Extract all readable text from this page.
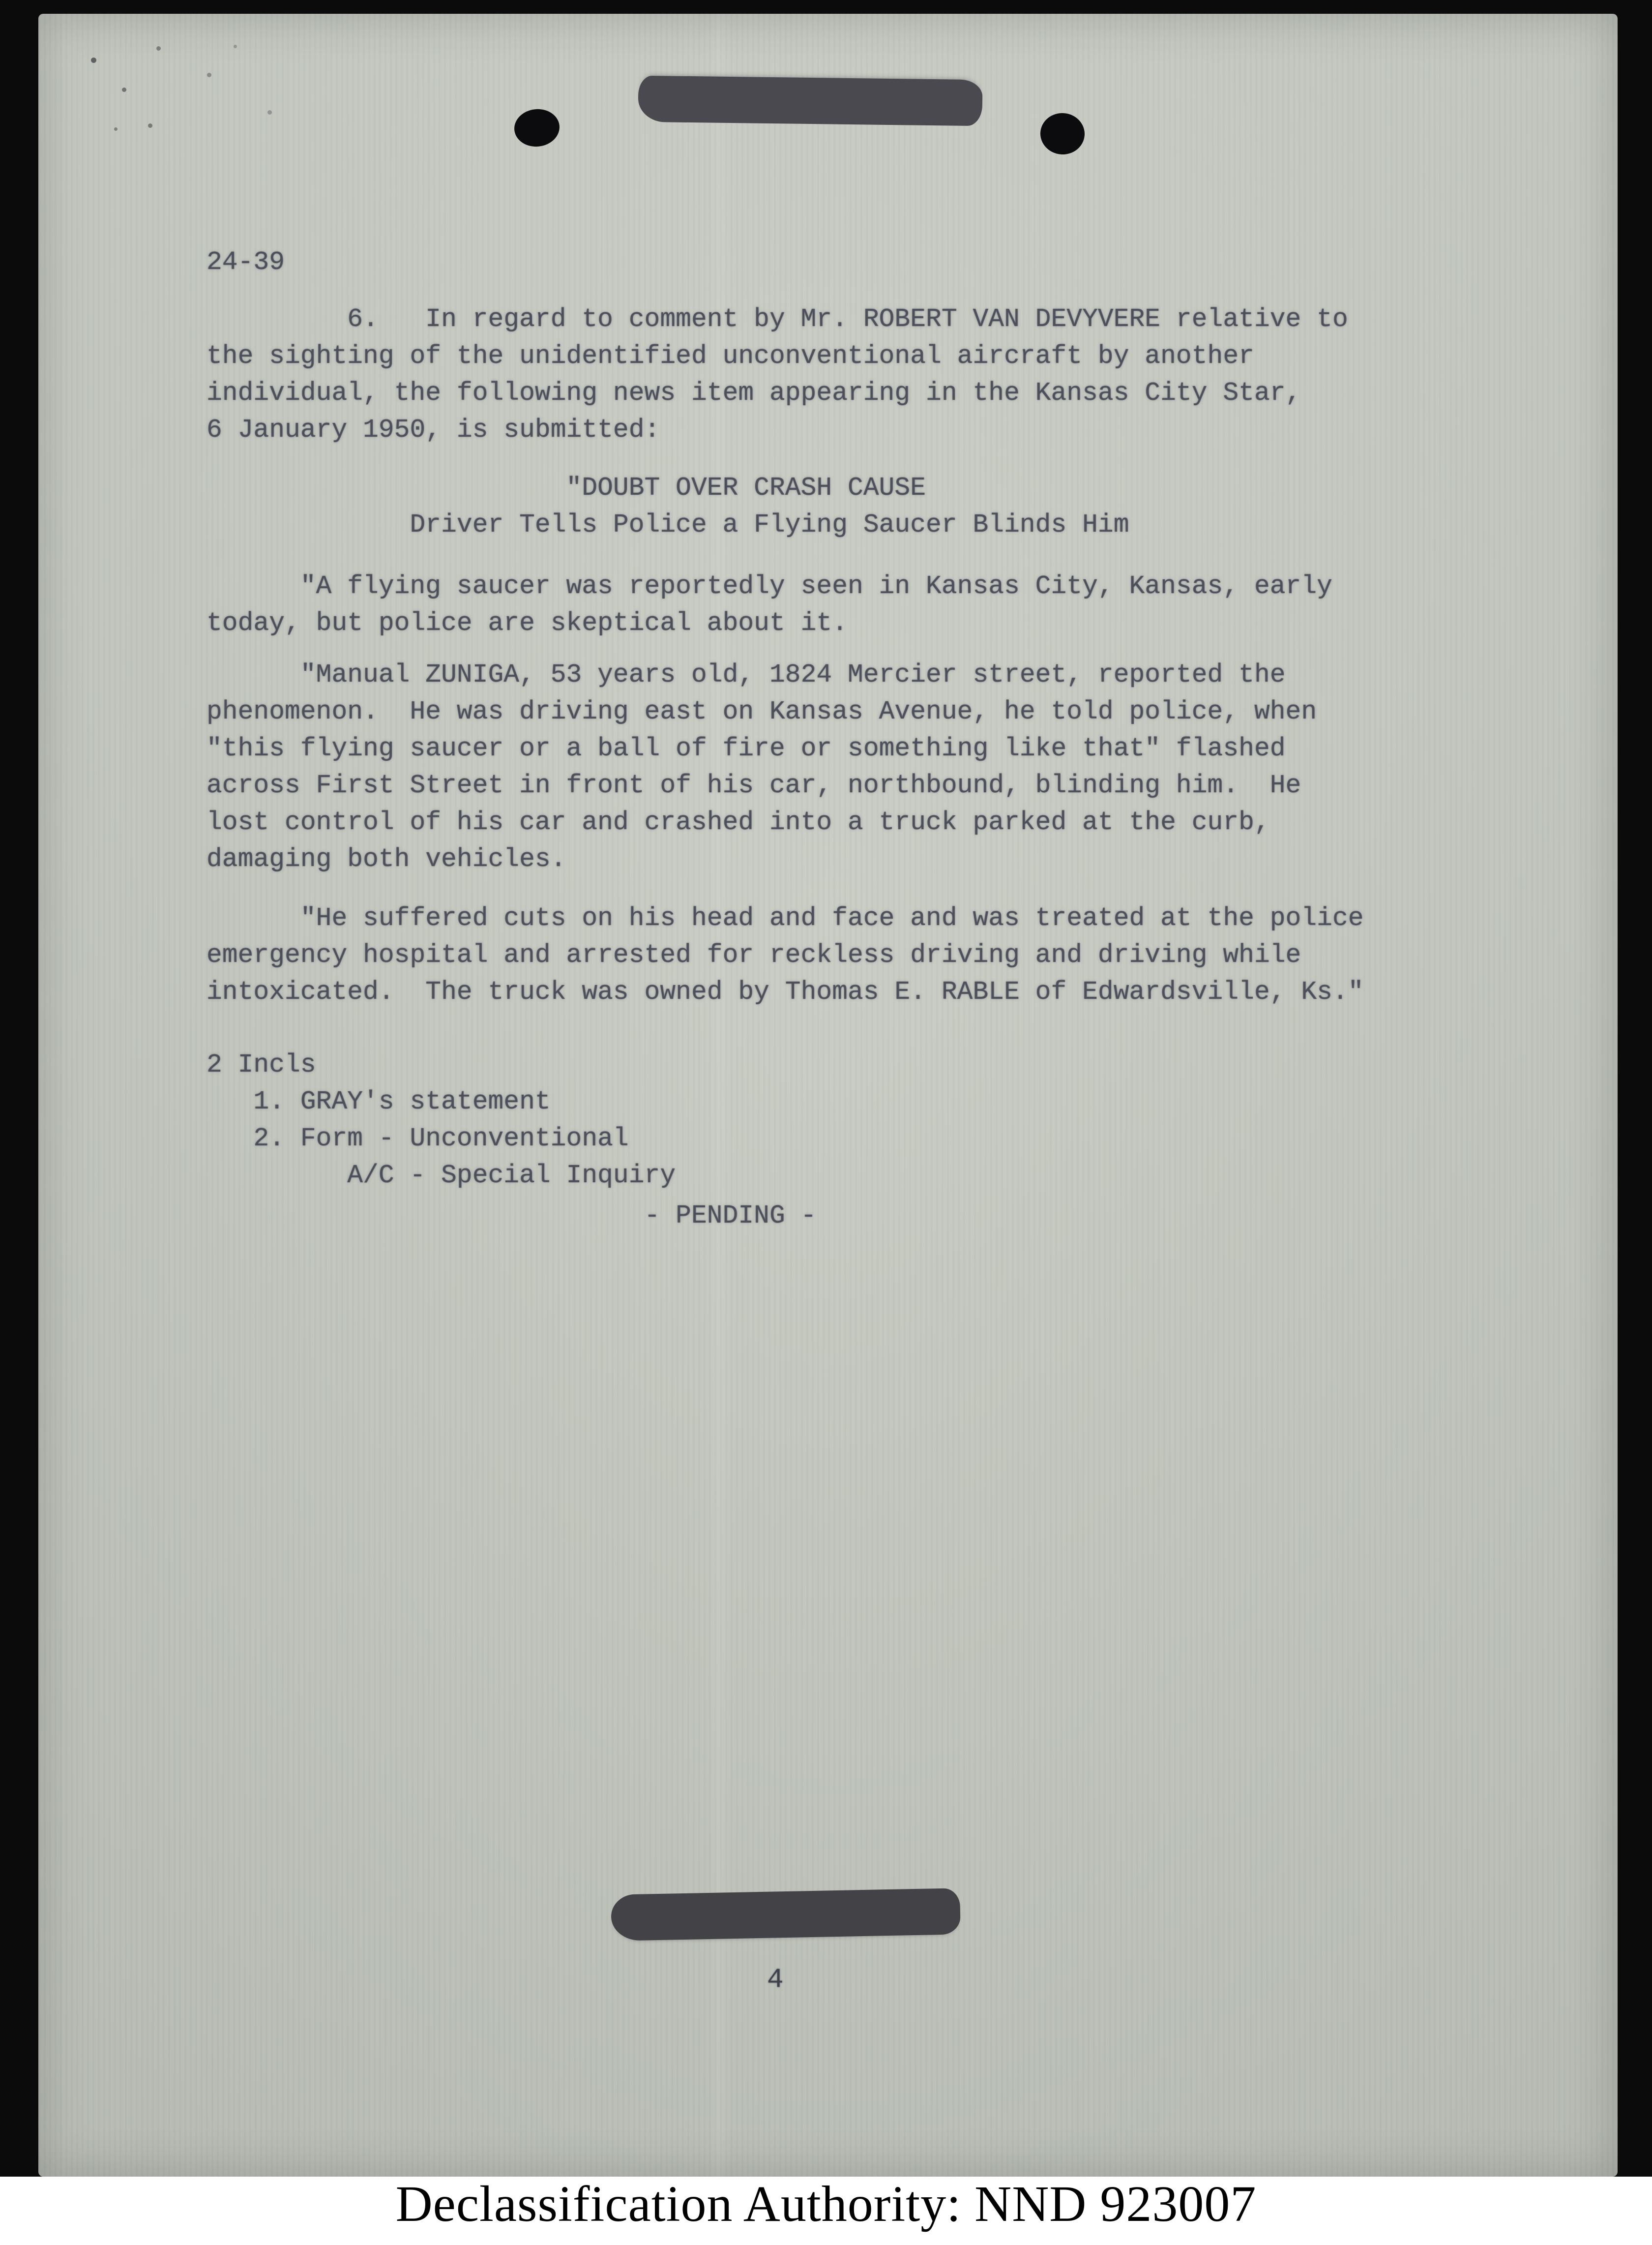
24-39
6.   In regard to comment by Mr. ROBERT VAN DEVYVERE relative to
the sighting of the unidentified unconventional aircraft by another
individual, the following news item appearing in the Kansas City Star,
6 January 1950, is submitted:
"DOUBT OVER CRASH CAUSE
Driver Tells Police a Flying Saucer Blinds Him
"A flying saucer was reportedly seen in Kansas City, Kansas, early
today, but police are skeptical about it.
"Manual ZUNIGA, 53 years old, 1824 Mercier street, reported the
phenomenon.  He was driving east on Kansas Avenue, he told police, when
"this flying saucer or a ball of fire or something like that" flashed
across First Street in front of his car, northbound, blinding him.  He
lost control of his car and crashed into a truck parked at the curb,
damaging both vehicles.
"He suffered cuts on his head and face and was treated at the police
emergency hospital and arrested for reckless driving and driving while
intoxicated.  The truck was owned by Thomas E. RABLE of Edwardsville, Ks."
2 Incls
1. GRAY's statement
2. Form - Unconventional
A/C - Special Inquiry
- PENDING -
4
Declassification Authority: NND 923007
